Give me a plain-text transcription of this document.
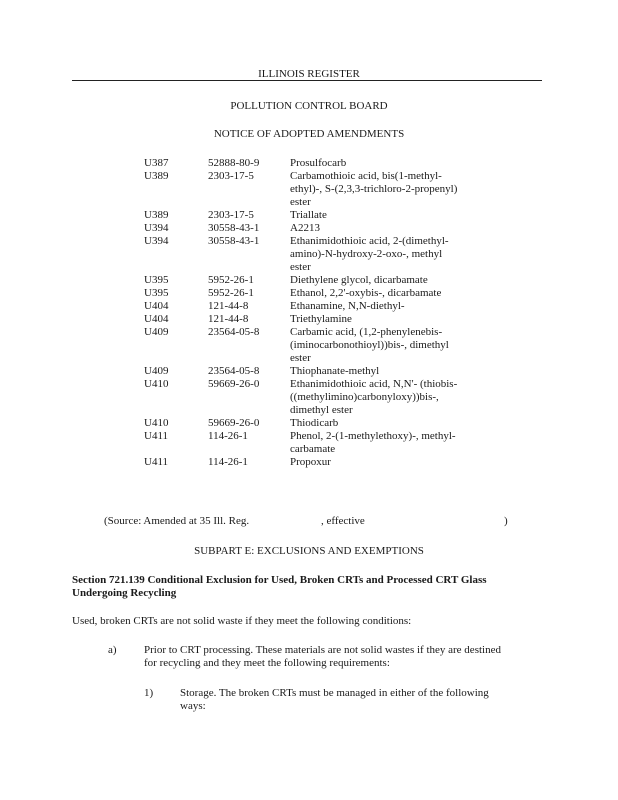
ILLINOIS REGISTER
POLLUTION CONTROL BOARD
NOTICE OF ADOPTED AMENDMENTS
U387	52888-80-9	Prosulfocarb
U389	2303-17-5	Carbamothioic acid, bis(1-methyl-
ethyl)-, S-(2,3,3-trichloro-2-propenyl)
ester
U389	2303-17-5	Triallate
U394	30558-43-1	A2213
U394	30558-43-1	Ethanimidothioic acid, 2-(dimethyl-
amino)-N-hydroxy-2-oxo-, methyl
ester
U395	5952-26-1	Diethylene glycol, dicarbamate
U395	5952-26-1	Ethanol, 2,2'-oxybis-, dicarbamate
U404	121-44-8	Ethanamine, N,N-diethyl-
U404	121-44-8	Triethylamine
U409	23564-05-8	Carbamic acid, (1,2-phenylenebis-
(iminocarbonothioyl))bis-, dimethyl
ester
U409	23564-05-8	Thiophanate-methyl
U410	59669-26-0	Ethanimidothioic acid, N,N'- (thiobis-
((methylimino)carbonyloxy))bis-,
dimethyl ester
U410	59669-26-0	Thiodicarb
U411	114-26-1	Phenol, 2-(1-methylethoxy)-, methyl-
carbamate
U411	114-26-1	Propoxur
(Source: Amended at 35 Ill. Reg.	, effective	)
SUBPART E: EXCLUSIONS AND EXEMPTIONS
Section 721.139 Conditional Exclusion for Used, Broken CRTs and Processed CRT Glass
Undergoing Recycling
Used, broken CRTs are not solid waste if they meet the following conditions:
a) Prior to CRT processing. These materials are not solid wastes if they are destined
for recycling and they meet the following requirements:
1) Storage. The broken CRTs must be managed in either of the following
ways:
